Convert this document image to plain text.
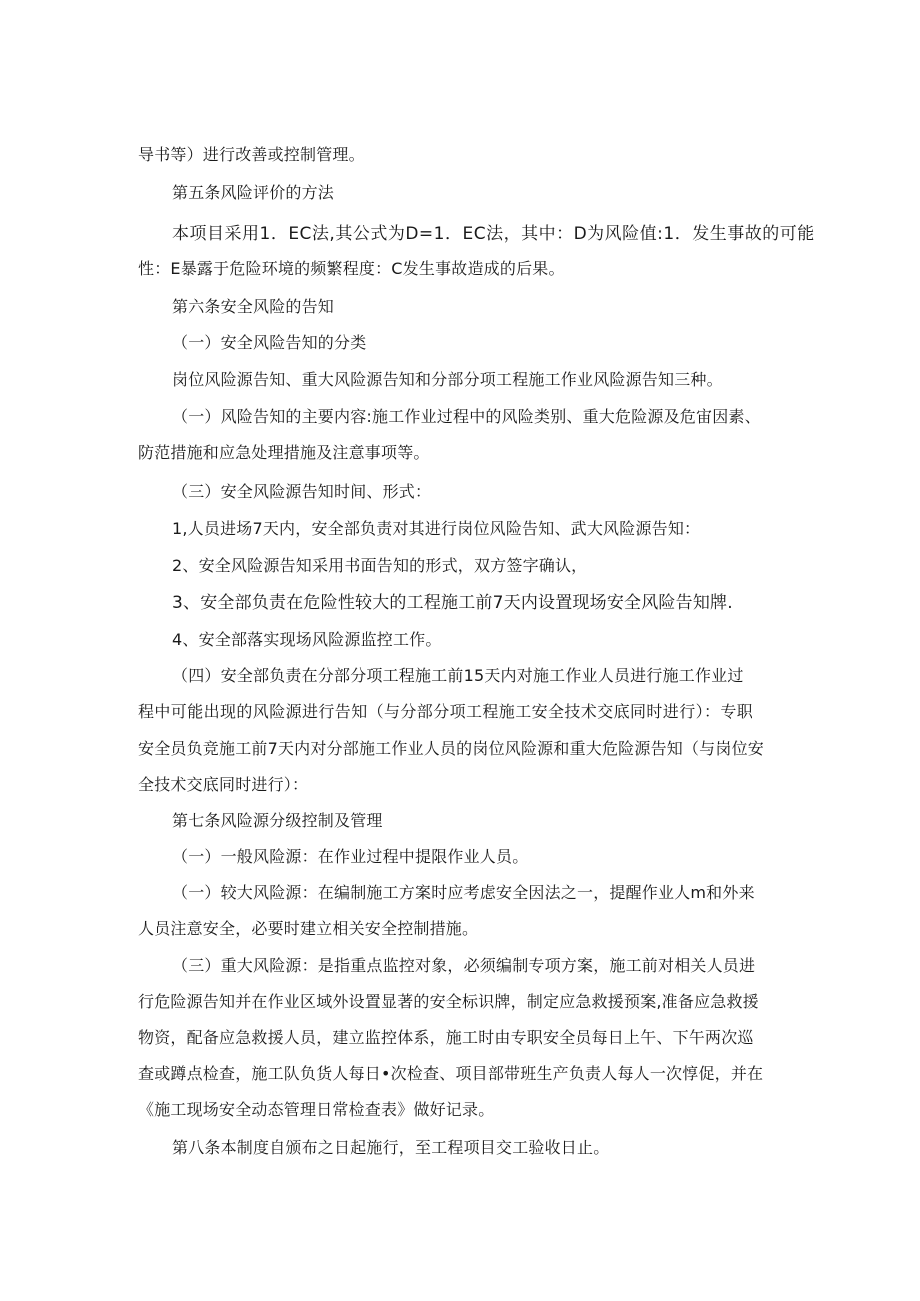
导书等）进行改善或控制管理。
第五条风险评价的方法
本项目采用1．EC法,其公式为D=1．EC法，其中：D为风险值:1．发生事故的可能
性：E暴露于危险环境的频繁程度：C发生事故造成的后果。
第六条安全风险的告知
（一）安全风险告知的分类
岗位风险源告知、重大风险源告知和分部分项工程施工作业风险源告知三种。
（一）风险告知的主要内容:施工作业过程中的风险类别、重大危险源及危宙因素、
防范措施和应急处理措施及注意事项等。
（三）安全风险源告知时间、形式：
1,人员进场7天内，安全部负责对其进行岗位风险告知、武大风险源告知：
2、安全风险源告知采用书面告知的形式，双方签字确认，
3、安全部负责在危险性较大的工程施工前7天内设置现场安全风险告知牌.
4、安全部落实现场风险源监控工作。
（四）安全部负责在分部分项工程施工前15天内对施工作业人员进行施工作业过
程中可能出现的风险源进行告知（与分部分项工程施工安全技术交底同时进行）：专职
安全员负竞施工前7天内对分部施工作业人员的岗位风险源和重大危险源告知（与岗位安
全技术交底同时进行）：
第七条风险源分级控制及管理
（一）一般风险源：在作业过程中提限作业人员。
（一）较大风险源：在编制施工方案时应考虑安全因法之一，提醒作业人m和外来
人员注意安全，必要时建立相关安全控制措施。
（三）重大风险源：是指重点监控对象，必须编制专项方案，施工前对相关人员进
行危险源告知并在作业区域外设置显著的安全标识牌，制定应急救援预案,准备应急救援
物资，配备应急救援人员，建立监控体系，施工时由专职安全员每日上午、下午两次巡
查或蹲点检查，施工队负货人每日•次检查、项目部带班生产负责人每人一次惇促，并在
《施工现场安全动态管理日常检查表》做好记录。
第八条本制度自颁布之日起施行，至工程项目交工验收日止。
